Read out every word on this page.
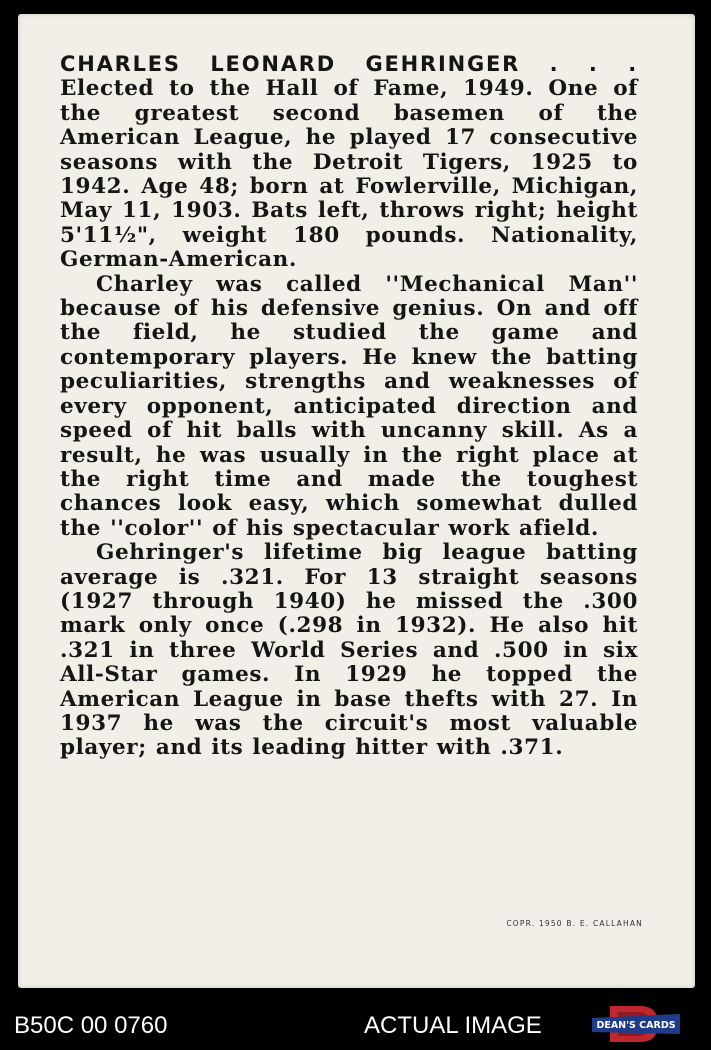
CHARLES LEONARD GEHRINGER . . . Elected to the Hall of Fame, 1949. One of the greatest second basemen of the American League, he played 17 consecutive seasons with the Detroit Tigers, 1925 to 1942. Age 48; born at Fowlerville, Michigan, May 11, 1903. Bats left, throws right; height 5'11½", weight 180 pounds. Nationality, German-American.

Charley was called ''Mechanical Man'' because of his defensive genius. On and off the field, he studied the game and contemporary players. He knew the batting peculiarities, strengths and weaknesses of every opponent, anticipated direction and speed of hit balls with uncanny skill. As a result, he was usually in the right place at the right time and made the toughest chances look easy, which somewhat dulled the ''color'' of his spectacular work afield.

Gehringer's lifetime big league batting average is .321. For 13 straight seasons (1927 through 1940) he missed the .300 mark only once (.298 in 1932). He also hit .321 in three World Series and .500 in six All-Star games. In 1929 he topped the American League in base thefts with 27. In 1937 he was the circuit's most valuable player; and its leading hitter with .371.

COPR. 1950 B. E. CALLAHAN
B50C 00 0760	ACTUAL IMAGE	DEAN'S CARDS
